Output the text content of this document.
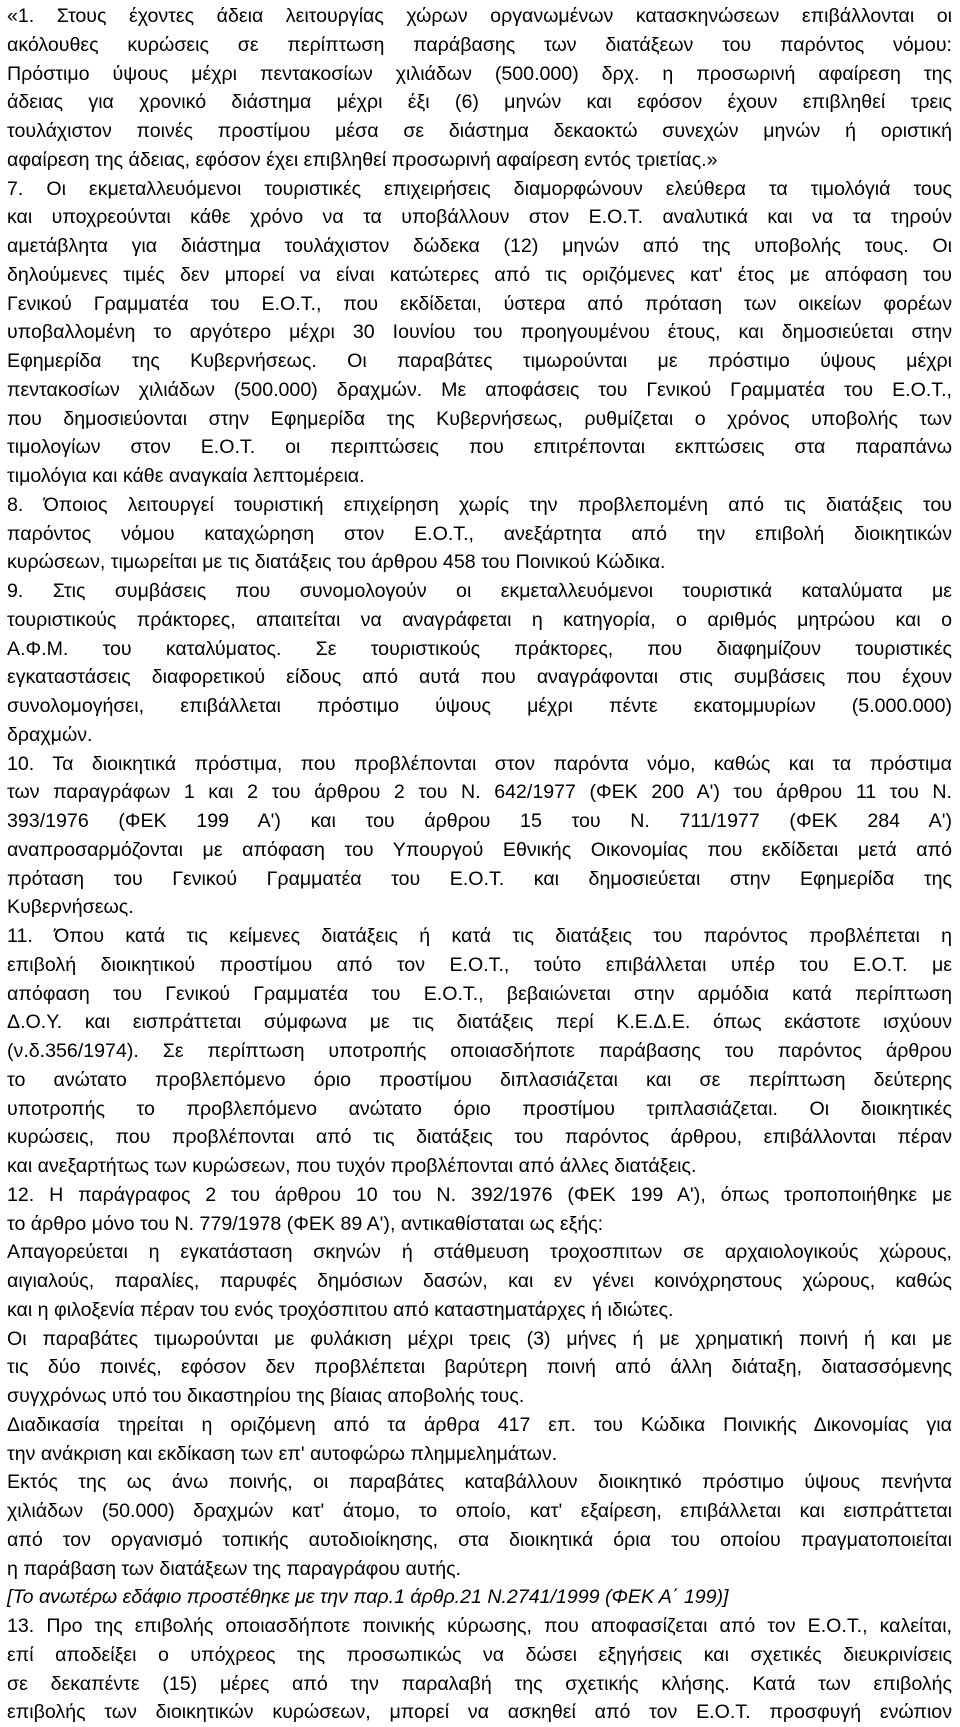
«1. Στους έχοντες άδεια λειτουργίας χώρων οργανωμένων κατασκηνώσεων επιβάλλονται οι
ακόλουθες κυρώσεις σε περίπτωση παράβασης των διατάξεων του παρόντος νόμου:
Πρόστιμο ύψους μέχρι πεντακοσίων χιλιάδων (500.000) δρχ. η προσωρινή αφαίρεση της
άδειας για χρονικό διάστημα μέχρι έξι (6) μηνών και εφόσον έχουν επιβληθεί τρεις
τουλάχιστον ποινές προστίμου μέσα σε διάστημα δεκαοκτώ συνεχών μηνών ή οριστική
αφαίρεση της άδειας, εφόσον έχει επιβληθεί προσωρινή αφαίρεση εντός τριετίας.»
7. Οι εκμεταλλευόμενοι τουριστικές επιχειρήσεις διαμορφώνουν ελεύθερα τα τιμολόγιά τους
και υποχρεούνται κάθε χρόνο να τα υποβάλλουν στον Ε.Ο.Τ. αναλυτικά και να τα τηρούν
αμετάβλητα για διάστημα τουλάχιστον δώδεκα (12) μηνών από της υποβολής τους. Οι
δηλούμενες τιμές δεν μπορεί να είναι κατώτερες από τις οριζόμενες κατ' έτος με απόφαση του
Γενικού Γραμματέα του Ε.Ο.Τ., που εκδίδεται, ύστερα από πρόταση των οικείων φορέων
υποβαλλομένη το αργότερο μέχρι 30 Ιουνίου του προηγουμένου έτους, και δημοσιεύεται στην
Εφημερίδα της Κυβερνήσεως. Οι παραβάτες τιμωρούνται με πρόστιμο ύψους μέχρι
πεντακοσίων χιλιάδων (500.000) δραχμών. Με αποφάσεις του Γενικού Γραμματέα του Ε.Ο.Τ.,
που δημοσιεύονται στην Εφημερίδα της Κυβερνήσεως, ρυθμίζεται ο χρόνος υποβολής των
τιμολογίων στον Ε.Ο.Τ. οι περιπτώσεις που επιτρέπονται εκπτώσεις στα παραπάνω
τιμολόγια και κάθε αναγκαία λεπτομέρεια.
8. Όποιος λειτουργεί τουριστική επιχείρηση χωρίς την προβλεπομένη από τις διατάξεις του
παρόντος νόμου καταχώρηση στον Ε.Ο.Τ., ανεξάρτητα από την επιβολή διοικητικών
κυρώσεων, τιμωρείται με τις διατάξεις του άρθρου 458 του Ποινικού Κώδικα.
9. Στις συμβάσεις που συνομολογούν οι εκμεταλλευόμενοι τουριστικά καταλύματα με
τουριστικούς πράκτορες, απαιτείται να αναγράφεται η κατηγορία, ο αριθμός μητρώου και ο
Α.Φ.Μ. του καταλύματος. Σε τουριστικούς πράκτορες, που διαφημίζουν τουριστικές
εγκαταστάσεις διαφορετικού είδους από αυτά που αναγράφονται στις συμβάσεις που έχουν
συνολομογήσει, επιβάλλεται πρόστιμο ύψους μέχρι πέντε εκατομμυρίων (5.000.000)
δραχμών.
10. Τα διοικητικά πρόστιμα, που προβλέπονται στον παρόντα νόμο, καθώς και τα πρόστιμα
των παραγράφων 1 και 2 του άρθρου 2 του Ν. 642/1977 (ΦΕΚ 200 Α') του άρθρου 11 του Ν.
393/1976 (ΦΕΚ 199 Α') και του άρθρου 15 του Ν. 711/1977 (ΦΕΚ 284 Α')
αναπροσαρμόζονται με απόφαση του Υπουργού Εθνικής Οικονομίας που εκδίδεται μετά από
πρόταση του Γενικού Γραμματέα του Ε.Ο.Τ. και δημοσιεύεται στην Εφημερίδα της
Κυβερνήσεως.
11. Όπου κατά τις κείμενες διατάξεις ή κατά τις διατάξεις του παρόντος προβλέπεται η
επιβολή διοικητικού προστίμου από τον Ε.Ο.Τ., τούτο επιβάλλεται υπέρ του Ε.Ο.Τ. με
απόφαση του Γενικού Γραμματέα του Ε.Ο.Τ., βεβαιώνεται στην αρμόδια κατά περίπτωση
Δ.Ο.Υ. και εισπράττεται σύμφωνα με τις διατάξεις περί Κ.Ε.Δ.Ε. όπως εκάστοτε ισχύουν
(ν.δ.356/1974). Σε περίπτωση υποτροπής οποιασδήποτε παράβασης του παρόντος άρθρου
το ανώτατο προβλεπόμενο όριο προστίμου διπλασιάζεται και σε περίπτωση δεύτερης
υποτροπής το προβλεπόμενο ανώτατο όριο προστίμου τριπλασιάζεται. Οι διοικητικές
κυρώσεις, που προβλέπονται από τις διατάξεις του παρόντος άρθρου, επιβάλλονται πέραν
και ανεξαρτήτως των κυρώσεων, που τυχόν προβλέπονται από άλλες διατάξεις.
12. Η παράγραφος 2 του άρθρου 10 του Ν. 392/1976 (ΦΕΚ 199 Α'), όπως τροποποιήθηκε με
το άρθρο μόνο του Ν. 779/1978 (ΦΕΚ 89 Α'), αντικαθίσταται ως εξής:
Απαγορεύεται η εγκατάσταση σκηνών ή στάθμευση τροχοσπιτων σε αρχαιολογικούς χώρους,
αιγιαλούς, παραλίες, παρυφές δημόσιων δασών, και εν γένει κοινόχρηστους χώρους, καθώς
και η φιλοξενία πέραν του ενός τροχόσπιτου από καταστηματάρχες ή ιδιώτες.
Οι παραβάτες τιμωρούνται με φυλάκιση μέχρι τρεις (3) μήνες ή με χρηματική ποινή ή και με
τις δύο ποινές, εφόσον δεν προβλέπεται βαρύτερη ποινή από άλλη διάταξη, διατασσόμενης
συγχρόνως υπό του δικαστηρίου της βίαιας αποβολής τους.
Διαδικασία τηρείται η οριζόμενη από τα άρθρα 417 επ. του Κώδικα Ποινικής Δικονομίας για
την ανάκριση και εκδίκαση των επ' αυτοφώρω πλημμελημάτων.
Εκτός της ως άνω ποινής, οι παραβάτες καταβάλλουν διοικητικό πρόστιμο ύψους πενήντα
χιλιάδων (50.000) δραχμών κατ' άτομο, το οποίο, κατ' εξαίρεση, επιβάλλεται και εισπράττεται
από τον οργανισμό τοπικής αυτοδιοίκησης, στα διοικητικά όρια του οποίου πραγματοποιείται
η παράβαση των διατάξεων της παραγράφου αυτής.
[Το ανωτέρω εδάφιο προστέθηκε με την παρ.1 άρθρ.21 Ν.2741/1999 (ΦΕΚ Α΄ 199)]
13. Προ της επιβολής οποιασδήποτε ποινικής κύρωσης, που αποφασίζεται από τον Ε.Ο.Τ., καλείται,
επί αποδείξει ο υπόχρεος της προσωπικώς να δώσει εξηγήσεις και σχετικές διευκρινίσεις
σε δεκαπέντε (15) μέρες από την παραλαβή της σχετικής κλήσης. Κατά των επιβολής
επιβολής των διοικητικών κυρώσεων, μπορεί να ασκηθεί από τον Ε.Ο.Τ. προσφυγή ενώπιον
